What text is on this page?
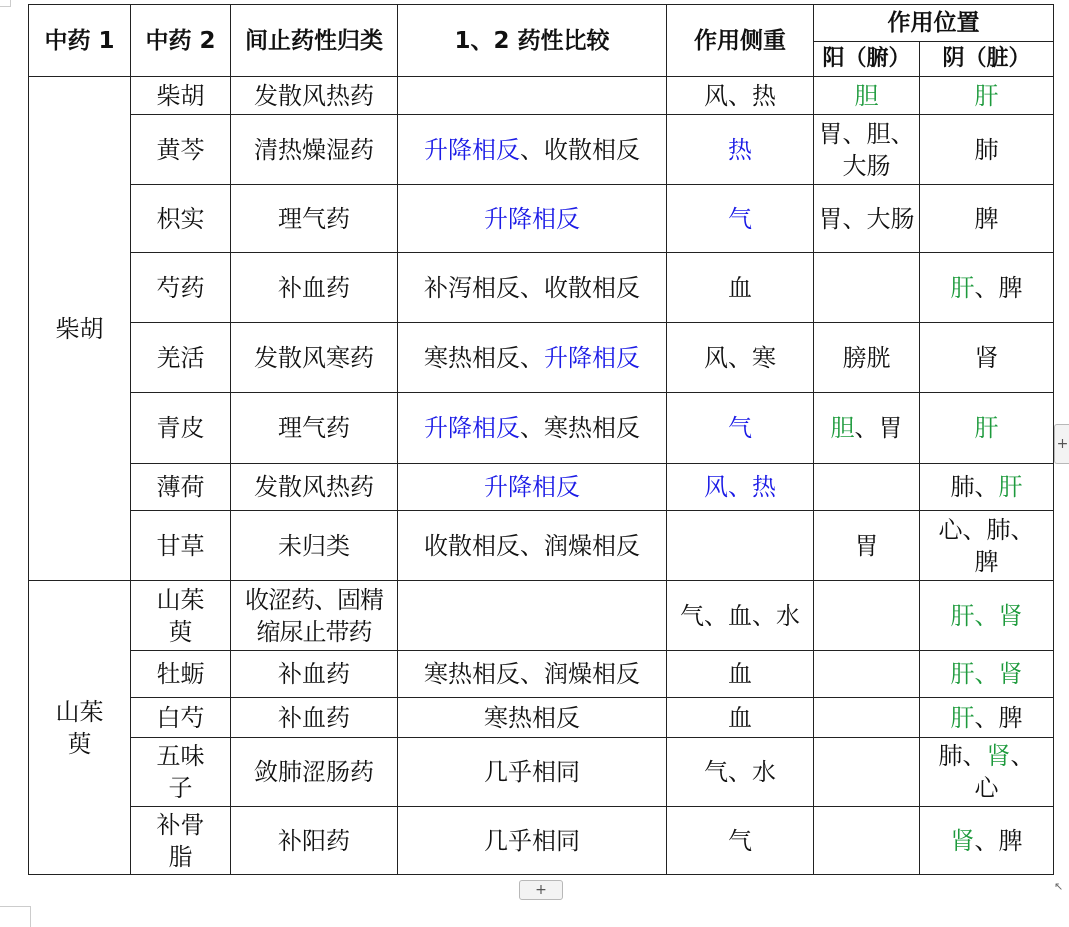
中药 1	中药 2	间止药性归类	1、2 药性比较	作用侧重	作用位置	
					阳（腑）	阴（脏）
柴胡	柴胡	发散风热药		风、热	胆	肝
	黄芩	清热燥湿药	升降相反、收散相反	热	胃、胆、大肠	肺
	枳实	理气药	升降相反	气	胃、大肠	脾
	芍药	补血药	补泻相反、收散相反	血		肝、脾
	羌活	发散风寒药	寒热相反、升降相反	风、寒	膀胱	肾
	青皮	理气药	升降相反、寒热相反	气	胆、胃	肝
	薄荷	发散风热药	升降相反	风、热		肺、肝
	甘草	未归类	收散相反、润燥相反		胃	心、肺、脾
山茱萸	山茱萸	收涩药、固精缩尿止带药		气、血、水		肝、肾
	牡蛎	补血药	寒热相反、润燥相反	血		肝、肾
	白芍	补血药	寒热相反	血		肝、脾
	五味子	敛肺涩肠药	几乎相同	气、水		肺、肾、心
	补骨脂	补阳药	几乎相同	气		肾、脾
+
+
↖
